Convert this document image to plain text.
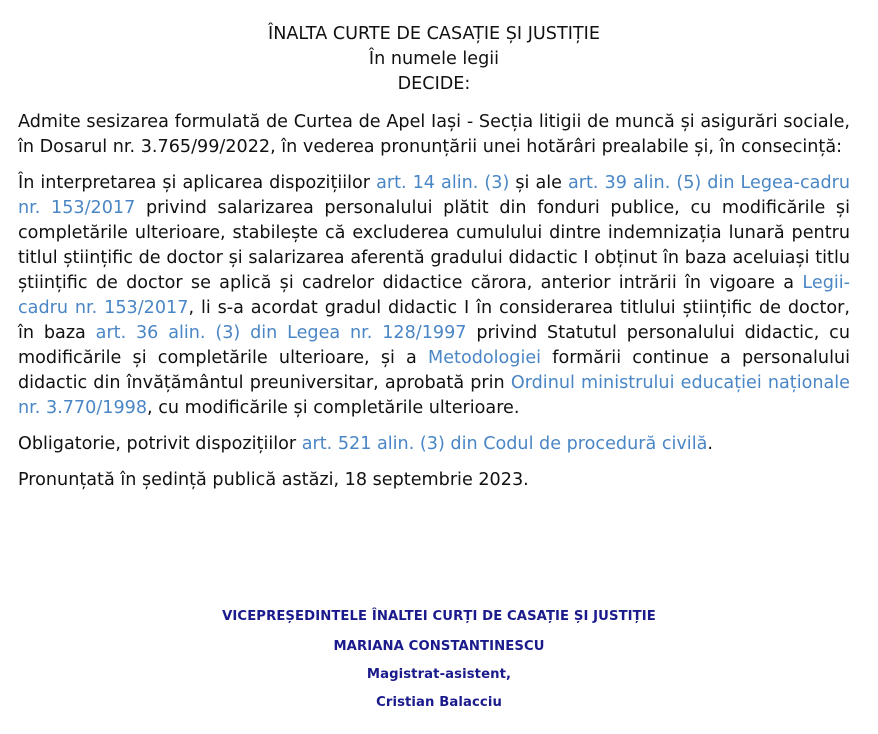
ÎNALTA CURTE DE CASAȚIE ȘI JUSTIȚIE
În numele legii
DECIDE:

Admite sesizarea formulată de Curtea de Apel Iași - Secția litigii de muncă și asigurări sociale, în Dosarul nr. 3.765/99/2022, în vederea pronunțării unei hotărâri prealabile și, în consecință:

În interpretarea și aplicarea dispozițiilor art. 14 alin. (3) și ale art. 39 alin. (5) din Legea-cadru nr. 153/2017 privind salarizarea personalului plătit din fonduri publice, cu modificările și completările ulterioare, stabilește că excluderea cumulului dintre indemnizația lunară pentru titlul științific de doctor și salarizarea aferentă gradului didactic I obținut în baza aceluiași titlu științific de doctor se aplică și cadrelor didactice cărora, anterior intrării în vigoare a Legii-cadru nr. 153/2017, li s-a acordat gradul didactic I în considerarea titlului științific de doctor, în baza art. 36 alin. (3) din Legea nr. 128/1997 privind Statutul personalului didactic, cu modificările și completările ulterioare, și a Metodologiei formării continue a personalului didactic din învățământul preuniversitar, aprobată prin Ordinul ministrului educației naționale nr. 3.770/1998, cu modificările și completările ulterioare.

Obligatorie, potrivit dispozițiilor art. 521 alin. (3) din Codul de procedură civilă.

Pronunțată în ședință publică astăzi, 18 septembrie 2023.

VICEPREȘEDINTELE ÎNALTEI CURȚI DE CASAȚIE ȘI JUSTIȚIE
MARIANA CONSTANTINESCU
Magistrat-asistent,
Cristian Balacciu
